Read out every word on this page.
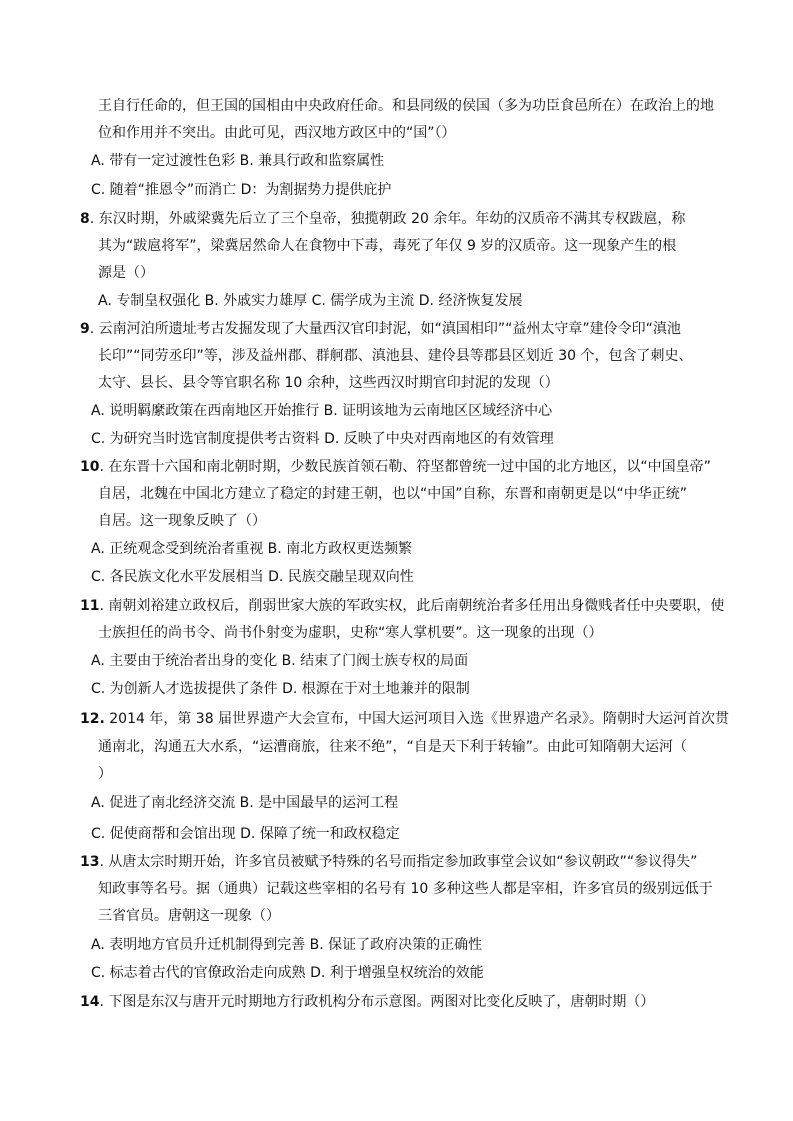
王自行任命的，但王国的国相由中央政府任命。和县同级的侯国（多为功臣食邑所在）在政治上的地
位和作用并不突出。由此可见，西汉地方政区中的“国”（）
A. 带有一定过渡性色彩 B. 兼具行政和监察属性
C. 随着“推恩令”而消亡 D：为割据势力提供庇护
8. 东汉时期，外戚梁冀先后立了三个皇帝，独揽朝政 20 余年。年幼的汉质帝不满其专权跋扈，称
其为“跋扈将军”，梁冀居然命人在食物中下毒，毒死了年仅 9 岁的汉质帝。这一现象产生的根
源是（）
A. 专制皇权强化 B. 外戚实力雄厚 C. 儒学成为主流 D. 经济恢复发展
9. 云南河泊所遗址考古发掘发现了大量西汉官印封泥，如“滇国相印”“益州太守章”建伶令印“滇池
长印”“同劳丞印”等，涉及益州郡、群舸郡、滇池县、建伶县等郡县区划近 30 个，包含了刺史、
太守、县长、县令等官职名称 10 余种，这些西汉时期官印封泥的发现（）
A. 说明羁縻政策在西南地区开始推行 B. 证明该地为云南地区区域经济中心
C. 为研究当时选官制度提供考古资料 D. 反映了中央对西南地区的有效管理
10. 在东晋十六国和南北朝时期，少数民族首领石勒、符坚都曾统一过中国的北方地区，以“中国皇帝”
自居，北魏在中国北方建立了稳定的封建王朝，也以“中国”自称，东晋和南朝更是以“中华正统”
自居。这一现象反映了（）
A. 正统观念受到统治者重视 B. 南北方政权更迭频繁
C. 各民族文化水平发展相当 D. 民族交融呈现双向性
11. 南朝刘裕建立政权后，削弱世家大族的军政实权，此后南朝统治者多任用出身微贱者任中央要职，使
士族担任的尚书令、尚书仆射变为虚职，史称“寒人掌机要”。这一现象的出现（）
A. 主要由于统治者出身的变化 B. 结束了门阀士族专权的局面
C. 为创新人才选拔提供了条件 D. 根源在于对土地兼并的限制
12. 2014 年，第 38 届世界遗产大会宣布，中国大运河项目入选《世界遗产名录》。隋朝时大运河首次贯
通南北，沟通五大水系，“运漕商旅，往来不绝”，“自是天下利于转输”。由此可知隋朝大运河（
）
A. 促进了南北经济交流 B. 是中国最早的运河工程
C. 促使商帮和会馆出现 D. 保障了统一和政权稳定
13. 从唐太宗时期开始，许多官员被赋予特殊的名号而指定参加政事堂会议如“参议朝政”“参议得失”
知政事等名号。据（通典）记载这些宰相的名号有 10 多种这些人都是宰相，许多官员的级别远低于
三省官员。唐朝这一现象（）
A. 表明地方官员升迁机制得到完善 B. 保证了政府决策的正确性
C. 标志着古代的官僚政治走向成熟 D. 利于增强皇权统治的效能
14. 下图是东汉与唐开元时期地方行政机构分布示意图。两图对比变化反映了，唐朝时期（）
